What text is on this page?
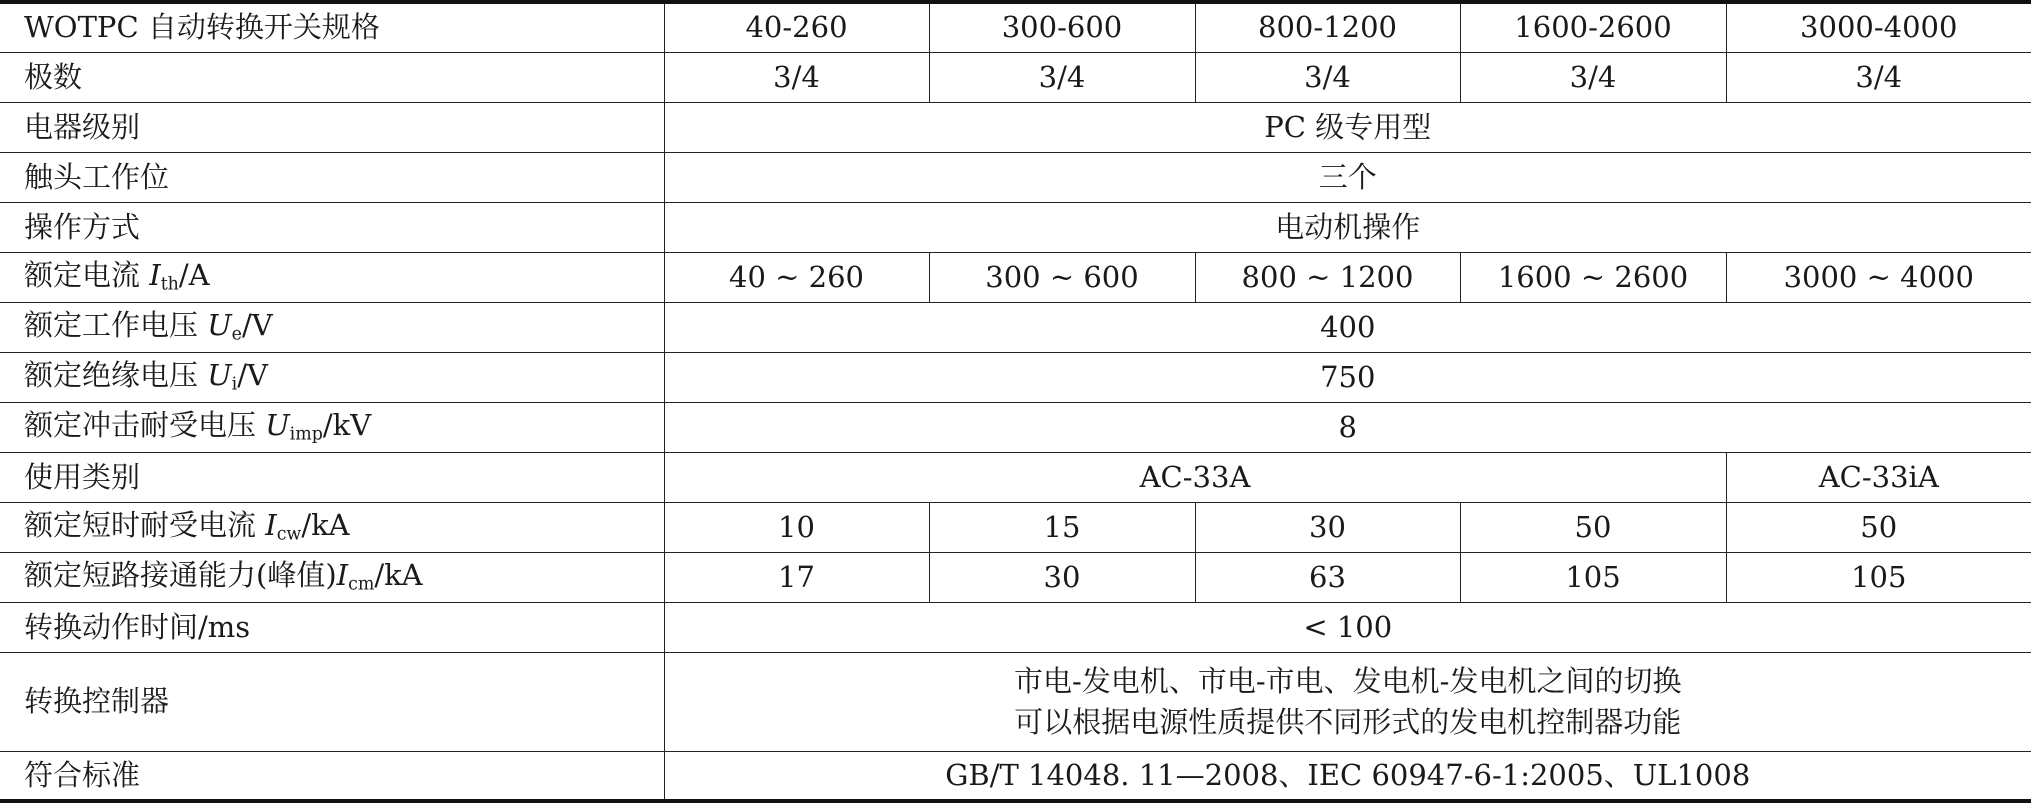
WOTPC 自动转换开关规格	40-260	300-600	800-1200	1600-2600	3000-4000
极数	3/4	3/4	3/4	3/4	3/4
电器级别	PC 级专用型				
触头工作位	三个				
操作方式	电动机操作				
额定电流 $I_{th}/A$	40 ~ 260	300 ~ 600	800 ~ 1200	1600 ~ 2600	3000 ~ 4000
额定工作电压 $U_e/V$	400				
额定绝缘电压 $U_i/V$	750				
额定冲击耐受电压 $U_{imp}/kV$	8				
使用类别	AC-33A				AC-33iA
额定短时耐受电流 $I_{cw}/kA$	10	15	30	50	50
额定短路接通能力(峰值)$I_{cm}/kA$	17	30	63	105	105
转换动作时间/ms	< 100				
转换控制器	市电-发电机、市电-市电、发电机-发电机之间的切换
可以根据电源性质提供不同形式的发电机控制器功能				

符合标准	GB/T 14048. 11—2008、IEC 60947-6-1:2005、UL1008				
